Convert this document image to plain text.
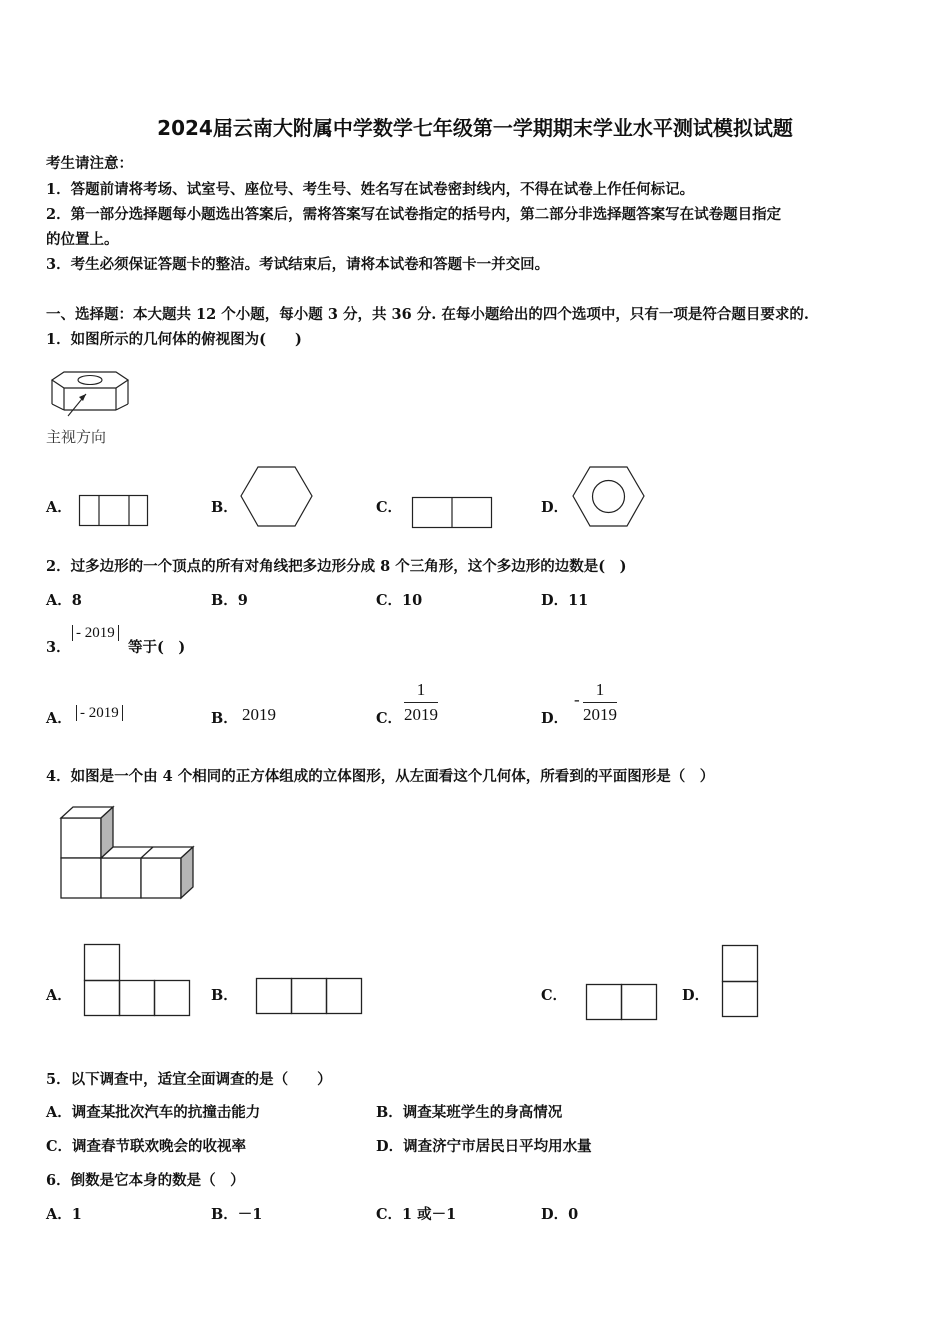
2024届云南大附属中学数学七年级第一学期期末学业水平测试模拟试题
考生请注意：
1．答题前请将考场、试室号、座位号、考生号、姓名写在试卷密封线内，不得在试卷上作任何标记。
2．第一部分选择题每小题选出答案后，需将答案写在试卷指定的括号内，第二部分非选择题答案写在试卷题目指定
的位置上。
3．考生必须保证答题卡的整洁。考试结束后，请将本试卷和答题卡一并交回。
一、选择题：本大题共 12 个小题，每小题 3 分，共 36 分. 在每小题给出的四个选项中，只有一项是符合题目要求的.
1．如图所示的几何体的俯视图为(　　)
主视方向
A．	B．	C．	D．
2．过多边形的一个顶点的所有对角线把多边形分成 8 个三角形，这个多边形的边数是(　)
A．8	B．9	C．10	D．11
3．
- 2019
等于(　)
A． - 2019	B． 2019	C． $\frac{1}{2019}$	D．
- $\frac{1}{2019}$
4．如图是一个由 4 个相同的正方体组成的立体图形，从左面看这个几何体，所看到的平面图形是（　）
A．	B．	C．	D．
5．以下调查中，适宜全面调查的是（　　）
A．调查某批次汽车的抗撞击能力	B．调查某班学生的身高情况
C．调查春节联欢晚会的收视率	D．调查济宁市居民日平均用水量
6．倒数是它本身的数是（　）
A．1	B．－1	C．1 或－1	D．0
